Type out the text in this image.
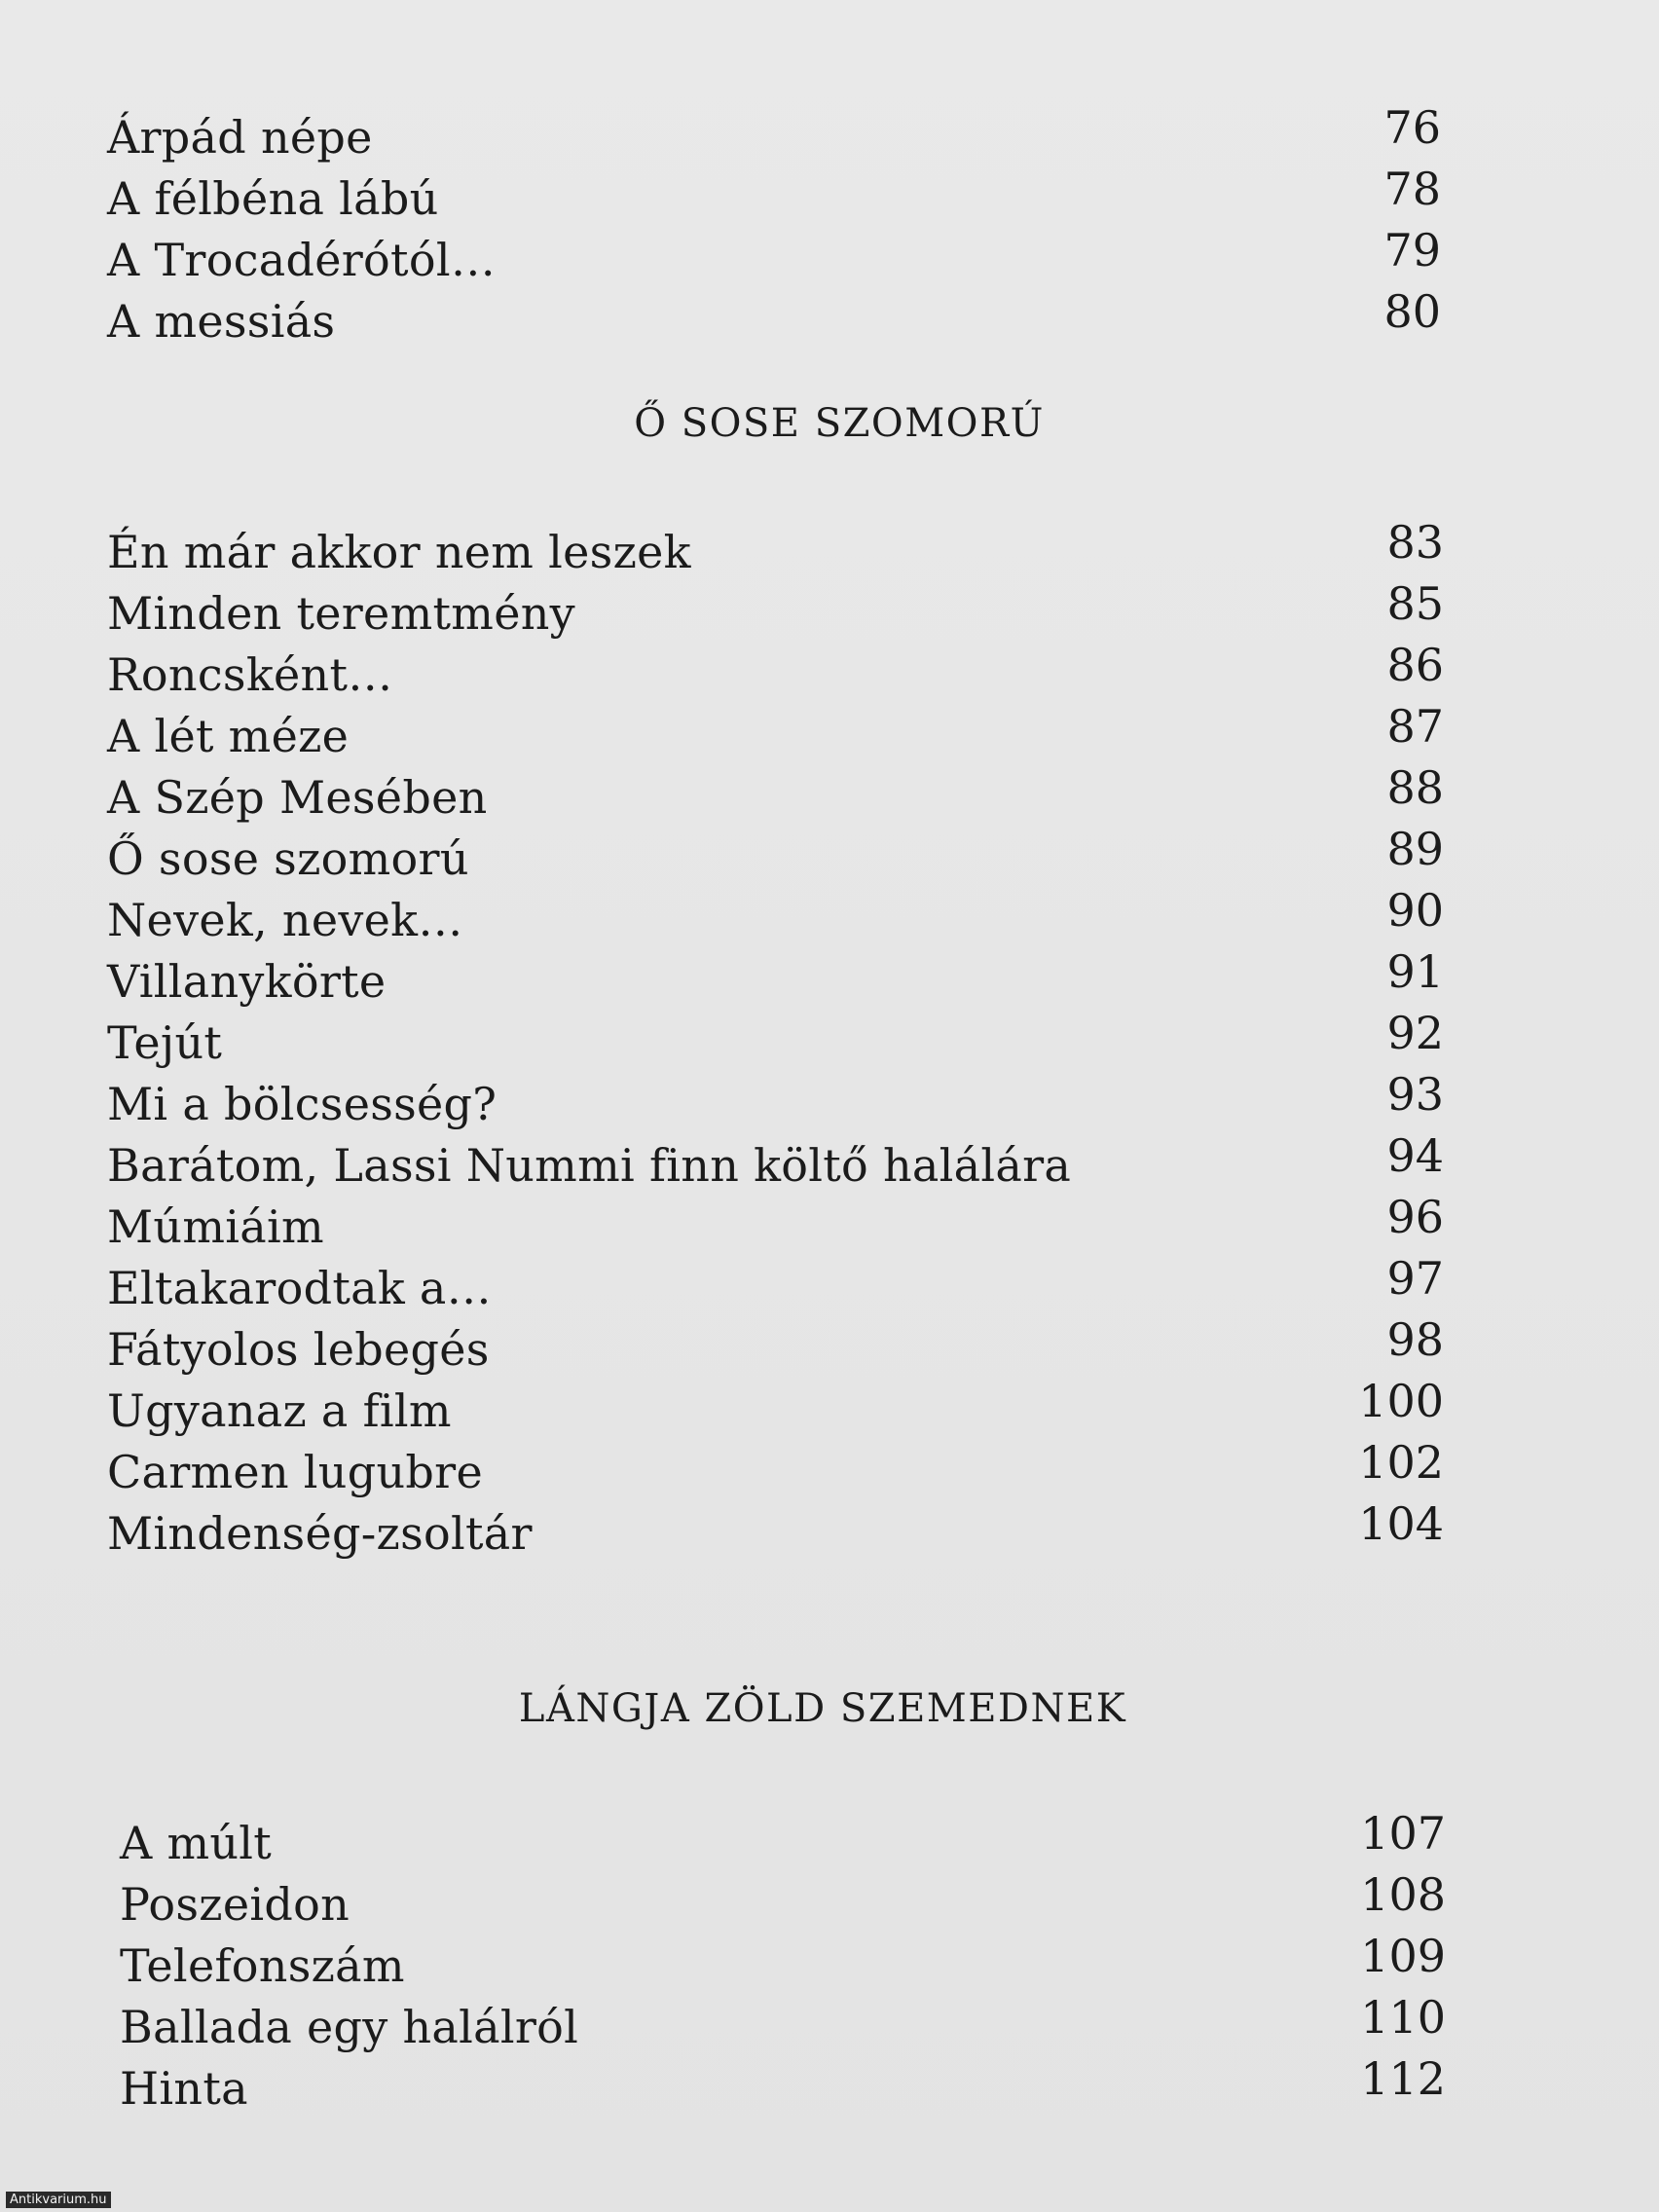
Árpád népe	76
A félbéna lábú	78
A Trocadérótól…	79
A messiás	80
Ő SOSE SZOMORÚ
Én már akkor nem leszek	83
Minden teremtmény	85
Roncsként…	86
A lét méze	87
A Szép Mesében	88
Ő sose szomorú	89
Nevek, nevek…	90
Villanykörte	91
Tejút	92
Mi a bölcsesség?	93
Barátom, Lassi Nummi finn költő halálára	94
Múmiáim	96
Eltakarodtak a…	97
Fátyolos lebegés	98
Ugyanaz a film	100
Carmen lugubre	102
Mindenség-zsoltár	104
LÁNGJA ZÖLD SZEMEDNEK
A múlt	107
Poszeidon	108
Telefonszám	109
Ballada egy halálról	110
Hinta	112
Antikvarium.hu
